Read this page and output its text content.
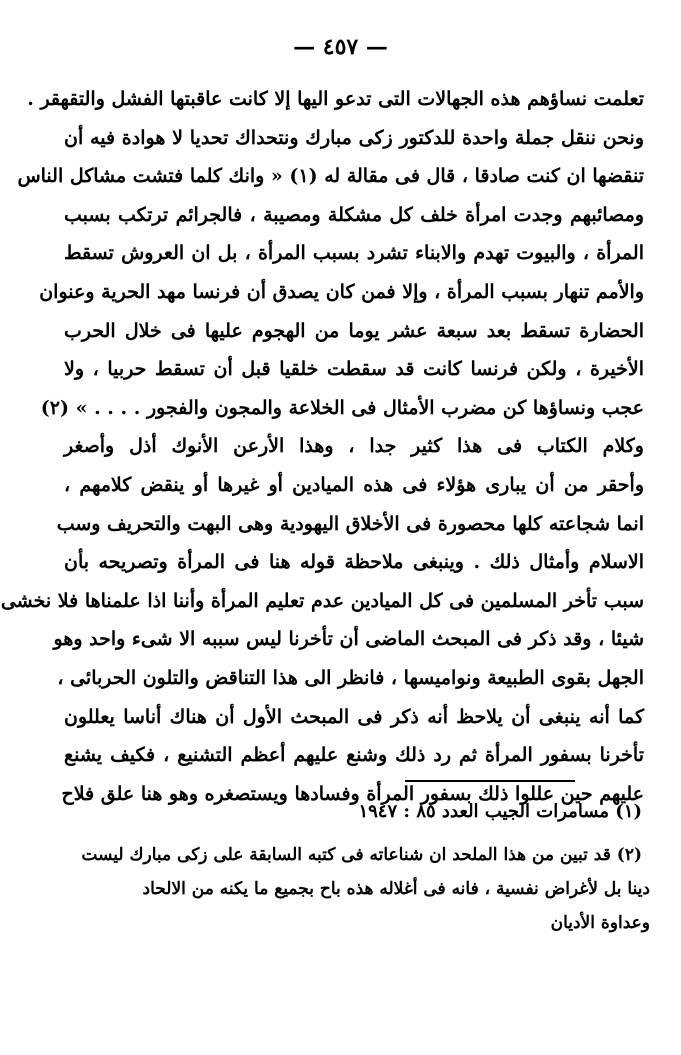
— ٤٥٧ —
تعلمت نساؤهم هذه الجهالات التى تدعو اليها إلا كانت عاقبتها الفشل والتقهقر .
ونحن ننقل جملة واحدة للدكتور زكى مبارك ونتحداك تحديا لا هوادة فيه أن
تنقضها ان كنت صادقا ، قال فى مقالة له (١) « وانك كلما فتشت مشاكل الناس
ومصائبهم وجدت امرأة خلف كل مشكلة ومصيبة ، فالجرائم ترتكب بسبب
المرأة ، والبيوت تهدم والابناء تشرد بسبب المرأة ، بل ان العروش تسقط
والأمم تنهار بسبب المرأة ، وإلا فمن كان يصدق أن فرنسا مهد الحرية وعنوان
الحضارة تسقط بعد سبعة عشر يوما من الهجوم عليها فى خلال الحرب
الأخيرة ، ولكن فرنسا كانت قد سقطت خلقيا قبل أن تسقط حربيا ، ولا
عجب ونساؤها كن مضرب الأمثال فى الخلاعة والمجون والفجور . . . . » (٢)
وكلام الكتاب فى هذا كثير جدا ، وهذا الأرعن الأنوك أذل وأصغر
وأحقر من أن يبارى هؤلاء فى هذه الميادين أو غيرها أو ينقض كلامهم ،
انما شجاعته كلها محصورة فى الأخلاق اليهودية وهى البهت والتحريف وسب
الاسلام وأمثال ذلك . وينبغى ملاحظة قوله هنا فى المرأة وتصريحه بأن
سبب تأخر المسلمين فى كل الميادين عدم تعليم المرأة وأننا اذا علمناها فلا نخشى
شيئا ، وقد ذكر فى المبحث الماضى أن تأخرنا ليس سببه الا شىء واحد وهو
الجهل بقوى الطبيعة ونواميسها ، فانظر الى هذا التناقض والتلون الحربائى ،
كما أنه ينبغى أن يلاحظ أنه ذكر فى المبحث الأول أن هناك أناسا يعللون
تأخرنا بسفور المرأة ثم رد ذلك وشنع عليهم أعظم التشنيع ، فكيف يشنع
عليهم حين عللوا ذلك بسفور المرأة وفسادها ويستصغره وهو هنا علق فلاح
(١) مسامرات الجيب العدد ٨٥ : ١٩٤٧
(٢) قد تبين من هذا الملحد ان شناعاته فى كتبه السابقة على زكى مبارك ليست
دينا بل لأغراض نفسية ، فانه فى أغلاله هذه باح بجميع ما يكنه من الالحاد
وعداوة الأديان
